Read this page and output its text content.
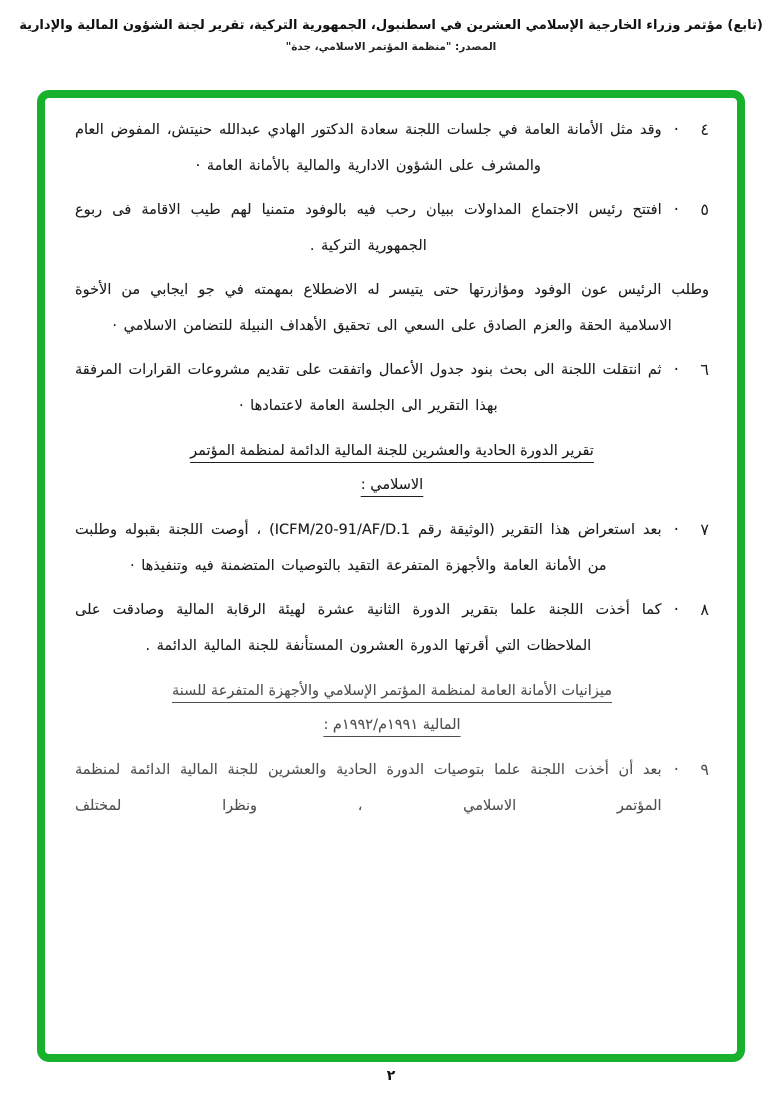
(تابع) مؤتمر وزراء الخارجية الإسلامي العشرين في اسطنبول، الجمهورية التركية، تقرير لجنة الشؤون المالية والإدارية
المصدر: "منظمة المؤتمر الاسلامي، جدة"
٤
·

وقد مثل الأمانة العامة في جلسات اللجنة سعادة الدكتور الهادي عبدالله حنيتش، المفوض العام والمشرف على الشؤون الادارية والمالية بالأمانة العامة ·

٥
·

افتتح رئيس الاجتماع المداولات ببيان رحب فيه بالوفود متمنيا لهم طيب الاقامة فى ربوع الجمهورية التركية .

وطلب الرئيس عون الوفود ومؤازرتها حتى يتيسر له الاضطلاع بمهمته في جو ايجابي من الأخوة الاسلامية الحقة والعزم الصادق على السعي الى تحقيق الأهداف النبيلة للتضامن الاسلامي ·

٦
·

ثم انتقلت اللجنة الى بحث بنود جدول الأعمال واتفقت على تقديم مشروعات القرارات المرفقة بهذا التقرير الى الجلسة العامة لاعتمادها ·

تقرير الدورة الحادية والعشرين للجنة المالية الدائمة لمنظمة المؤتمر الاسلامي :
٧
·

بعد استعراض هذا التقرير (الوثيقة رقم ICFM/20-91/AF/D.1) ، أوصت اللجنة بقبوله وطلبت من الأمانة العامة والأجهزة المتفرعة التقيد بالتوصيات المتضمنة فيه وتنفيذها ·

٨
·

كما أخذت اللجنة علما بتقرير الدورة الثانية عشرة لهيئة الرقابة المالية وصادقت على الملاحظات التي أقرتها الدورة العشرون المستأنفة للجنة المالية الدائمة .

ميزانيات الأمانة العامة لمنظمة المؤتمر الإسلامي والأجهزة المتفرعة للسنة المالية ١٩٩١م/١٩٩٢م :
٩
·

بعد أن أخذت اللجنة علما بتوصيات الدورة الحادية والعشرين للجنة المالية الدائمة لمنظمة المؤتمر الاسلامي ، ونظرا لمختلف

٢
